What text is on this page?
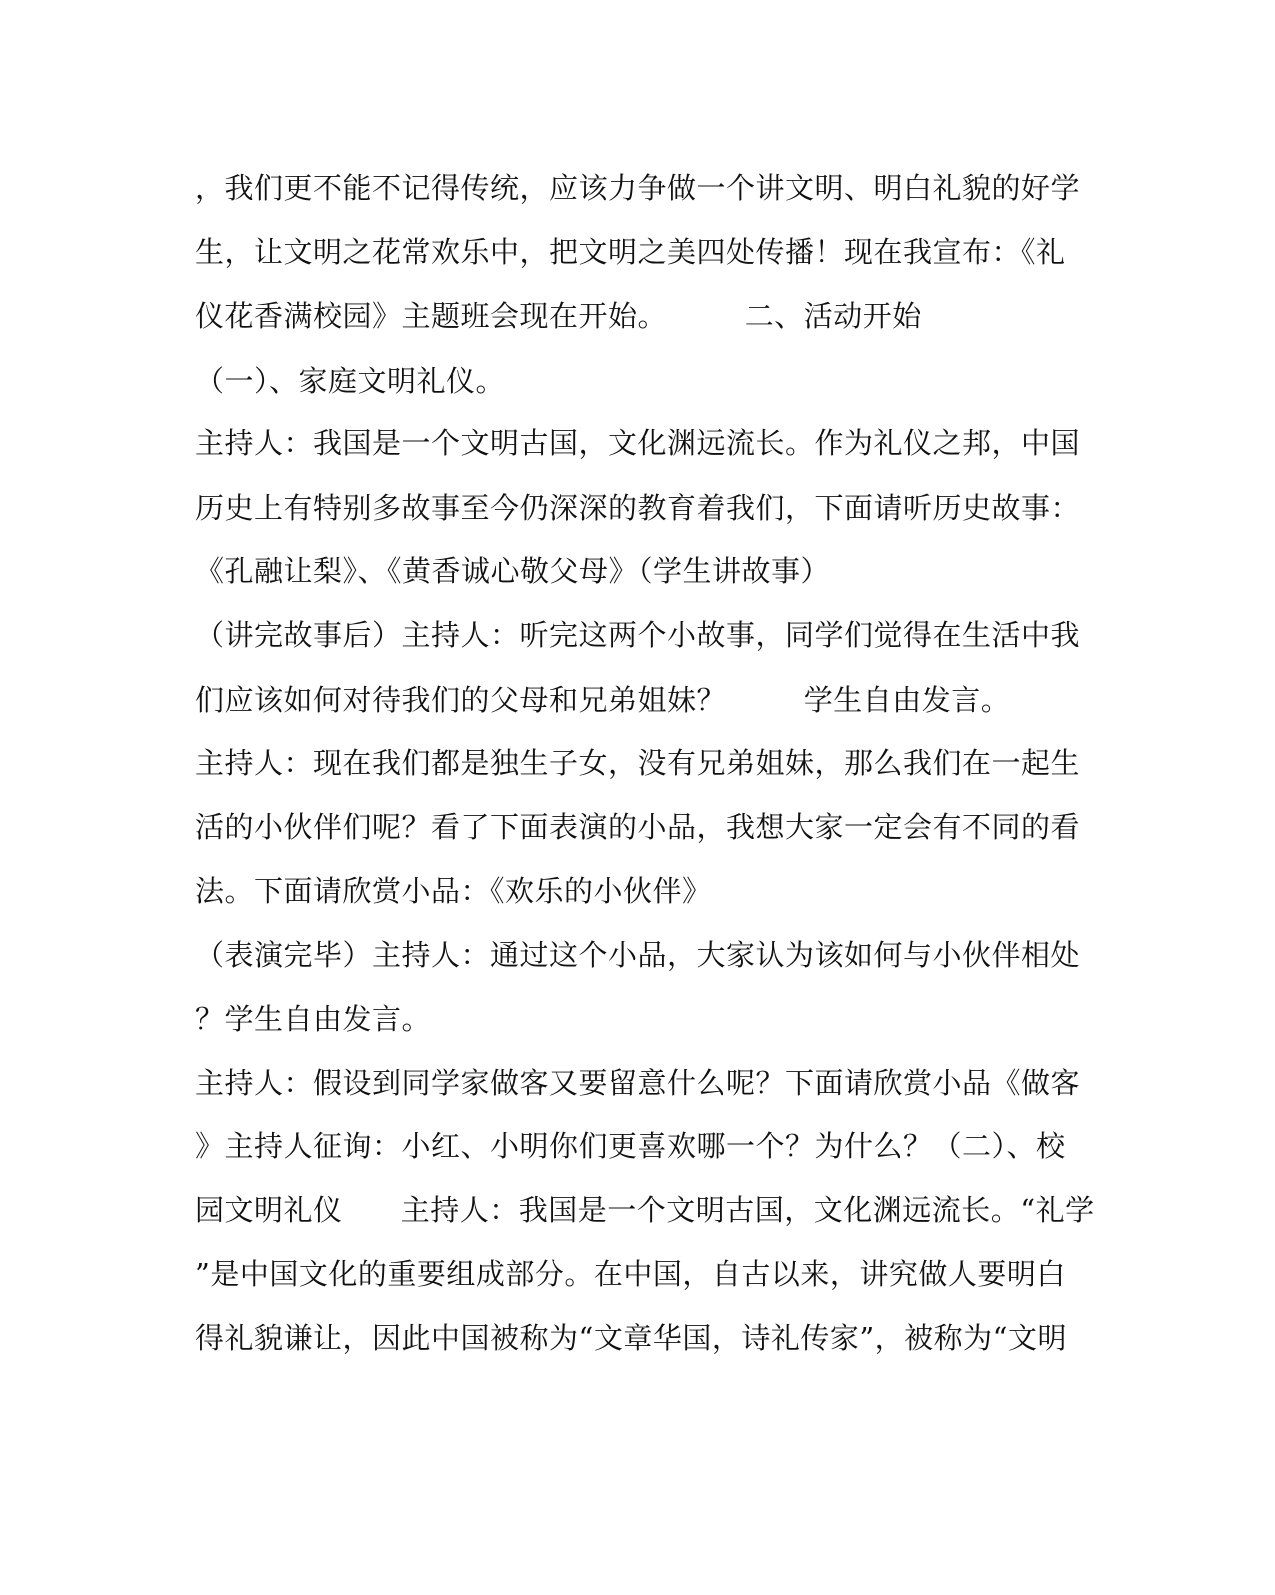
，我们更不能不记得传统，应该力争做一个讲文明、明白礼貌的好学
生，让文明之花常欢乐中，把文明之美四处传播！现在我宣布：《礼
仪花香满校园》主题班会现在开始。        二、活动开始
（一）、家庭文明礼仪。
主持人：我国是一个文明古国，文化渊远流长。作为礼仪之邦，中国
历史上有特别多故事至今仍深深的教育着我们，下面请听历史故事：
《孔融让梨》、《黄香诚心敬父母》（学生讲故事）
（讲完故事后）主持人：听完这两个小故事，同学们觉得在生活中我
们应该如何对待我们的父母和兄弟姐妹？        学生自由发言。
主持人：现在我们都是独生子女，没有兄弟姐妹，那么我们在一起生
活的小伙伴们呢？看了下面表演的小品，我想大家一定会有不同的看
法。下面请欣赏小品：《欢乐的小伙伴》
（表演完毕）主持人：通过这个小品，大家认为该如何与小伙伴相处
？学生自由发言。
主持人：假设到同学家做客又要留意什么呢？下面请欣赏小品《做客
》主持人征询：小红、小明你们更喜欢哪一个？为什么？（二）、校
园文明礼仪      主持人：我国是一个文明古国，文化渊远流长。“礼学
”是中国文化的重要组成部分。在中国，自古以来，讲究做人要明白
得礼貌谦让，因此中国被称为“文章华国，诗礼传家”，被称为“文明
